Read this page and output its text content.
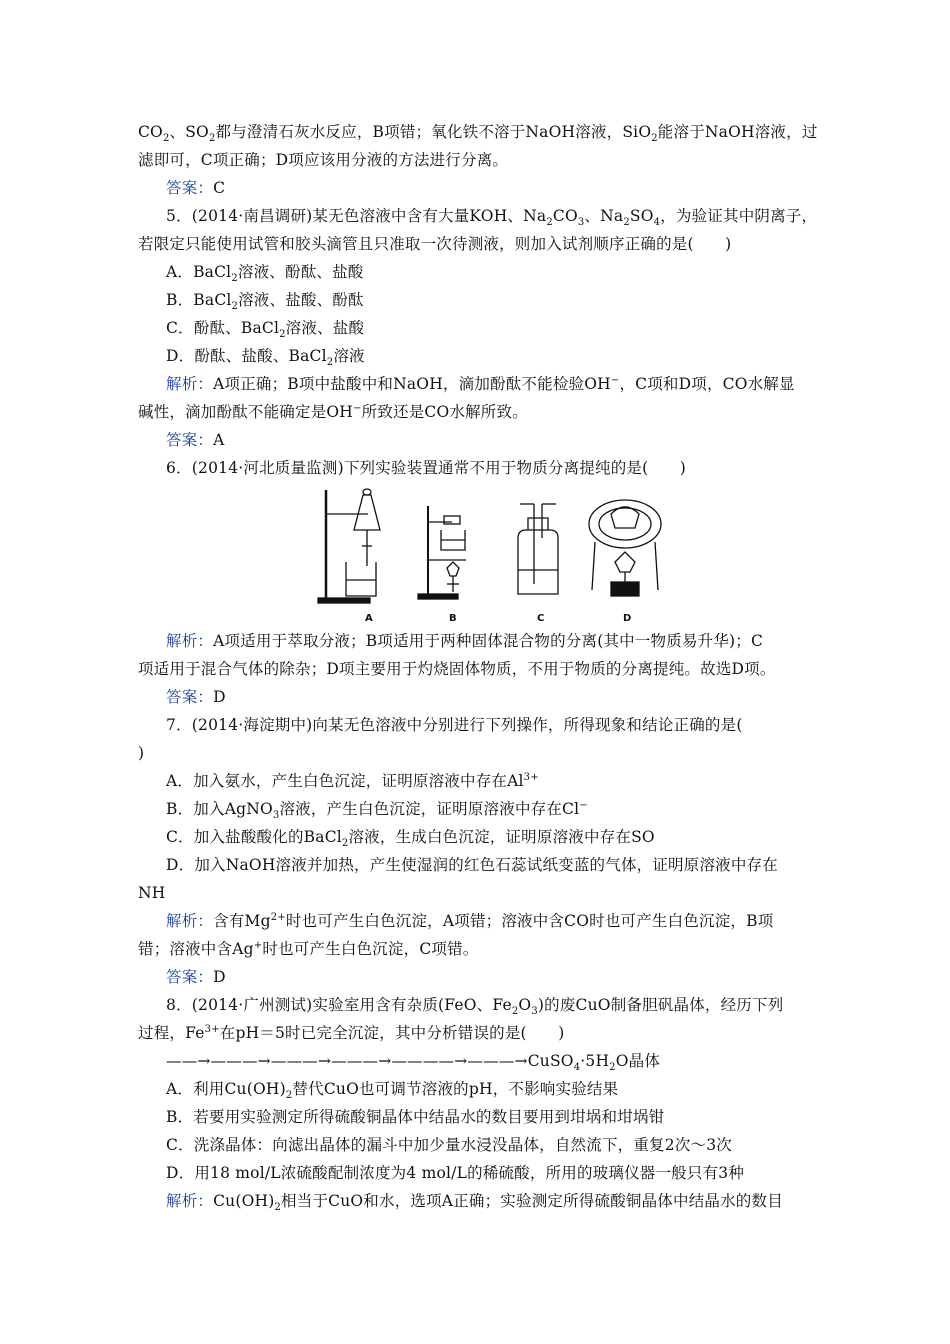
$CO_2$、$SO_2$都与澄清石灰水反应，B项错；氧化铁不溶于NaOH溶液，SiO$_2$能溶于NaOH溶液，过
滤即可，C项正确；D项应该用分液的方法进行分离。
答案：C
5．(2014·南昌调研)某无色溶液中含有大量KOH、$Na_2CO_3$、$Na_2SO_4$，为验证其中阴离子，
若限定只能使用试管和胶头滴管且只准取一次待测液，则加入试剂顺序正确的是(　　)
A．BaCl$_2$溶液、酚酞、盐酸
B．BaCl$_2$溶液、盐酸、酚酞
C．酚酞、BaCl$_2$溶液、盐酸
D．酚酞、盐酸、BaCl$_2$溶液
解析：A项正确；B项中盐酸中和NaOH，滴加酚酞不能检验OH−，C项和D项，CO水解显
碱性，滴加酚酞不能确定是OH−所致还是CO水解所致。
答案：A
6．(2014·河北质量监测)下列实验装置通常不用于物质分离提纯的是(　　)
A	B	C	D
解析：A项适用于萃取分液；B项适用于两种固体混合物的分离(其中一物质易升华)；C
项适用于混合气体的除杂；D项主要用于灼烧固体物质，不用于物质的分离提纯。故选D项。
答案：D
7．(2014·海淀期中)向某无色溶液中分别进行下列操作，所得现象和结论正确的是(
)
A．加入氨水，产生白色沉淀，证明原溶液中存在$Al^{3+}$
B．加入AgNO$_3$溶液，产生白色沉淀，证明原溶液中存在Cl−
C．加入盐酸酸化的BaCl$_2$溶液，生成白色沉淀，证明原溶液中存在SO
D．加入NaOH溶液并加热，产生使湿润的红色石蕊试纸变蓝的气体，证明原溶液中存在
NH
解析：含有$Mg^{2+}$时也可产生白色沉淀，A项错；溶液中含CO时也可产生白色沉淀，B项
错；溶液中含Ag+时也可产生白色沉淀，C项错。
答案：D
8．(2014·广州测试)实验室用含有杂质(FeO、$Fe_2O_3$)的废CuO制备胆矾晶体，经历下列
过程，$Fe^{3+}$在pH＝5时已完全沉淀，其中分析错误的是(　　)
$——\to———\to———\to———\to————\to———\to CuSO_4\cdot 5H_2O$晶体
A．利用$Cu(OH)_2$替代CuO也可调节溶液的pH，不影响实验结果
B．若要用实验测定所得硫酸铜晶体中结晶水的数目要用到坩埚和坩埚钳
C．洗涤晶体：向滤出晶体的漏斗中加少量水浸没晶体，自然流下，重复2次～3次
D．用18 mol/L浓硫酸配制浓度为4 mol/L的稀硫酸，所用的玻璃仪器一般只有3种
解析：$Cu(OH)_2$相当于CuO和水，选项A正确；实验测定所得硫酸铜晶体中结晶水的数目
